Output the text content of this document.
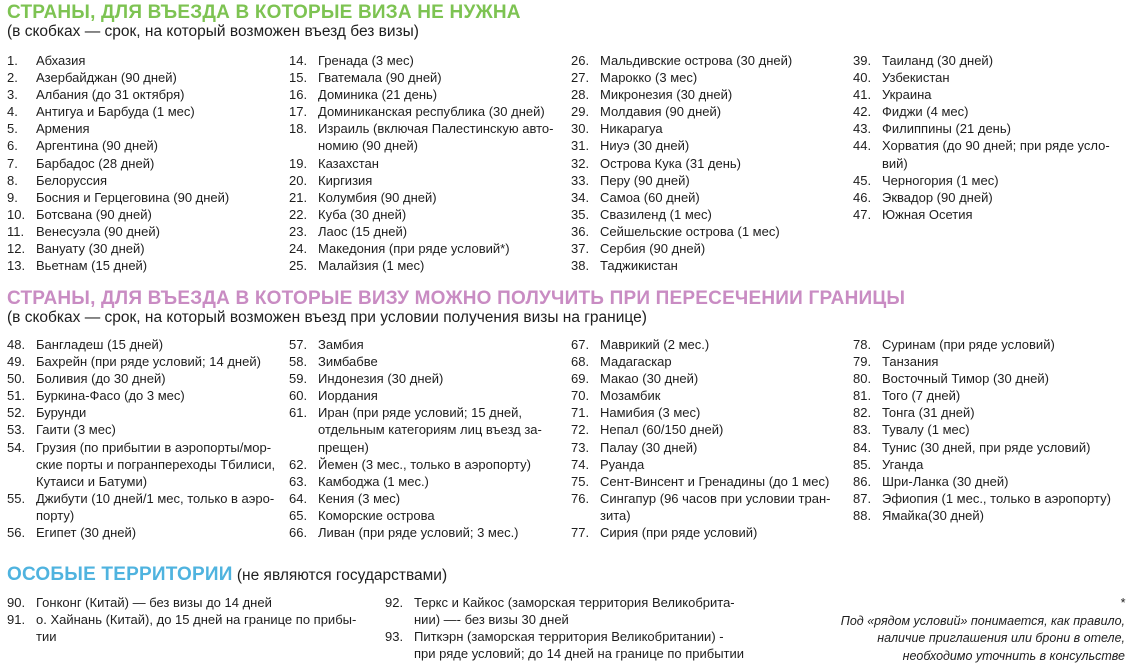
СТРАНЫ, ДЛЯ ВЪЕЗДА В КОТОРЫЕ ВИЗА НЕ НУЖНА
(в скобках — срок, на который возможен въезд без визы)
1. Абхазия
2. Азербайджан (90 дней)
3. Албания (до 31 октября)
4. Антигуа и Барбуда (1 мес)
5. Армения
6. Аргентина (90 дней)
7. Барбадос (28 дней)
8. Белоруссия
9. Босния и Герцеговина (90 дней)
10. Ботсвана (90 дней)
11. Венесуэла (90 дней)
12. Вануату (30 дней)
13. Вьетнам (15 дней)
14. Гренада (3 мес)
15. Гватемала (90 дней)
16. Доминика (21 день)
17. Доминиканская республика (30 дней)
18. Израиль (включая Палестинскую авто-
номию (90 дней)
19. Казахстан
20. Киргизия
21. Колумбия (90 дней)
22. Куба (30 дней)
23. Лаос (15 дней)
24. Македония (при ряде условий*)
25. Малайзия (1 мес)
26. Мальдивские острова (30 дней)
27. Марокко (3 мес)
28. Микронезия (30 дней)
29. Молдавия (90 дней)
30. Никарагуа
31. Ниуэ (30 дней)
32. Острова Кука (31 день)
33. Перу (90 дней)
34. Самоа (60 дней)
35. Свазиленд (1 мес)
36. Сейшельские острова (1 мес)
37. Сербия (90 дней)
38. Таджикистан
39. Таиланд (30 дней)
40. Узбекистан
41. Украина
42. Фиджи (4 мес)
43. Филиппины (21 день)
44. Хорватия (до 90 дней; при ряде усло-
вий)
45. Черногория (1 мес)
46. Эквадор (90 дней)
47. Южная Осетия
СТРАНЫ, ДЛЯ ВЪЕЗДА В КОТОРЫЕ ВИЗУ МОЖНО ПОЛУЧИТЬ ПРИ ПЕРЕСЕЧЕНИИ ГРАНИЦЫ
(в скобках — срок, на который возможен въезд при условии получения визы на границе)
48. Бангладеш (15 дней)
49. Бахрейн (при ряде условий; 14 дней)
50. Боливия (до 30 дней)
51. Буркина-Фасо (до 3 мес)
52. Бурунди
53. Гаити (3 мес)
54. Грузия (по прибытии в аэропорты/мор-
ские порты и погранпереходы Тбилиси,
Кутаиси и Батуми)
55. Джибути (10 дней/1 мес, только в аэро-
порту)
56. Египет (30 дней)
57. Замбия
58. Зимбабве
59. Индонезия (30 дней)
60. Иордания
61. Иран (при ряде условий; 15 дней,
отдельным категориям лиц въезд за-
прещен)
62. Йемен (3 мес., только в аэропорту)
63. Камбоджа (1 мес.)
64. Кения (3 мес)
65. Коморские острова
66. Ливан (при ряде условий; 3 мес.)
67. Маврикий (2 мес.)
68. Мадагаскар
69. Макао (30 дней)
70. Мозамбик
71. Намибия (3 мес)
72. Непал (60/150 дней)
73. Палау (30 дней)
74. Руанда
75. Сент-Винсент и Гренадины (до 1 мес)
76. Сингапур (96 часов при условии тран-
зита)
77. Сирия (при ряде условий)
78. Суринам (при ряде условий)
79. Танзания
80. Восточный Тимор (30 дней)
81. Того (7 дней)
82. Тонга (31 дней)
83. Тувалу (1 мес)
84. Тунис (30 дней, при ряде условий)
85. Уганда
86. Шри-Ланка (30 дней)
87. Эфиопия (1 мес., только в аэропорту)
88. Ямайка(30 дней)
ОСОБЫЕ ТЕРРИТОРИИ (не являются государствами)
90. Гонконг (Китай) — без визы до 14 дней
91. о. Хайнань (Китай), до 15 дней на границе по прибы-
тии
92. Теркс и Кайкос (заморская территория Великобрита-
нии) —- без визы 30 дней
93. Питкэрн (заморская территория Великобритании) -
при ряде условий; до 14 дней на границе по прибытии
*
Под «рядом условий» понимается, как правило,
наличие приглашения или брони в отеле,
необходимо уточнить в консульстве
